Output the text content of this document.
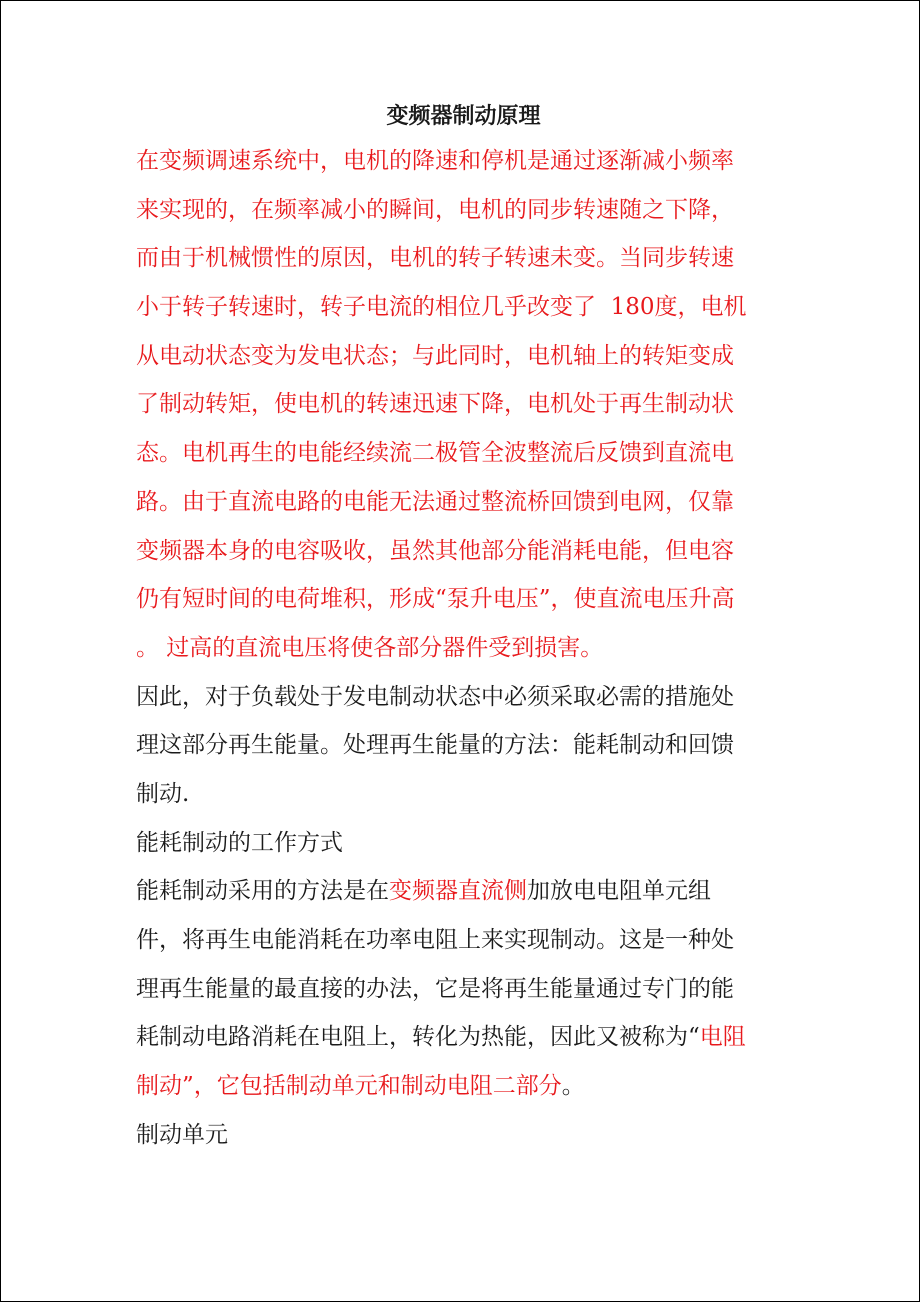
变频器制动原理
在变频调速系统中，电机的降速和停机是通过逐渐减小频率
来实现的，在频率减小的瞬间，电机的同步转速随之下降，
而由于机械惯性的原因，电机的转子转速未变。当同步转速
小于转子转速时，转子电流的相位几乎改变了  180度，电机
从电动状态变为发电状态；与此同时，电机轴上的转矩变成
了制动转矩，使电机的转速迅速下降，电机处于再生制动状
态。电机再生的电能经续流二极管全波整流后反馈到直流电
路。由于直流电路的电能无法通过整流桥回馈到电网，仅靠
变频器本身的电容吸收，虽然其他部分能消耗电能，但电容
仍有短时间的电荷堆积，形成“泵升电压”，使直流电压升高
。 过高的直流电压将使各部分器件受到损害。
因此，对于负载处于发电制动状态中必须采取必需的措施处
理这部分再生能量。处理再生能量的方法：能耗制动和回馈
制动.
能耗制动的工作方式
能耗制动采用的方法是在变频器直流侧加放电电阻单元组
件，将再生电能消耗在功率电阻上来实现制动。这是一种处
理再生能量的最直接的办法，它是将再生能量通过专门的能
耗制动电路消耗在电阻上，转化为热能，因此又被称为“电阻
制动”，它包括制动单元和制动电阻二部分。
制动单元
